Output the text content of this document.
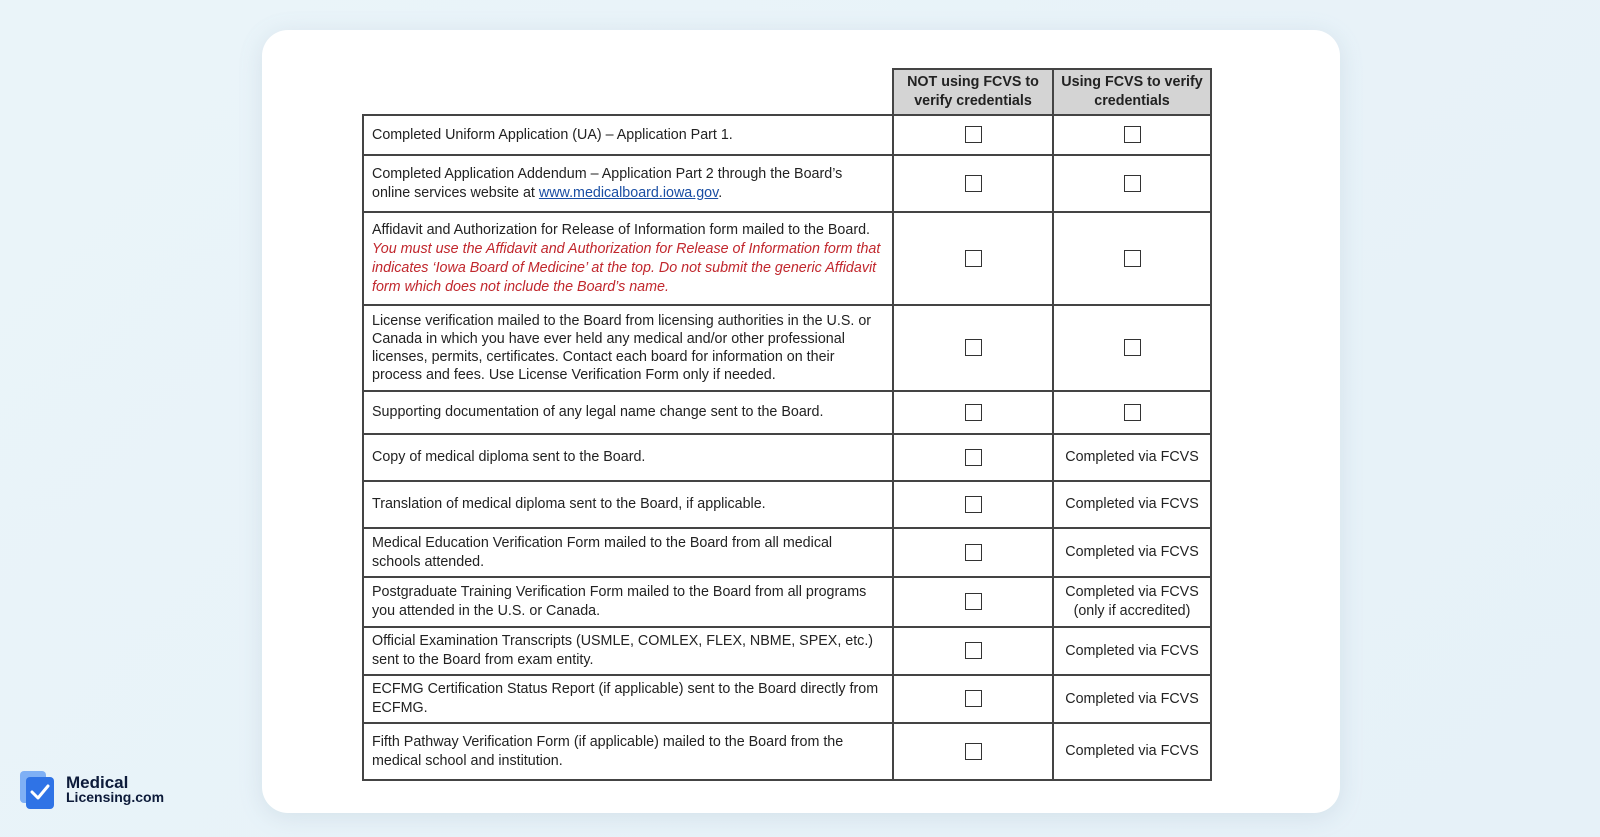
	NOT using FCVS to verify credentials	Using FCVS to verify credentials
Completed Uniform Application (UA) – Application Part 1.		
Completed Application Addendum – Application Part 2 through the Board’s online services website at www.medicalboard.iowa.gov.		
Affidavit and Authorization for Release of Information form mailed to the Board. You must use the Affidavit and Authorization for Release of Information form that indicates ‘Iowa Board of Medicine’ at the top. Do not submit the generic Affidavit form which does not include the Board’s name.		
License verification mailed to the Board from licensing authorities in the U.S. or Canada in which you have ever held any medical and/or other professional licenses, permits, certificates. Contact each board for information on their process and fees. Use License Verification Form only if needed.		
Supporting documentation of any legal name change sent to the Board.		
Copy of medical diploma sent to the Board.		Completed via FCVS
Translation of medical diploma sent to the Board, if applicable.		Completed via FCVS
Medical Education Verification Form mailed to the Board from all medical schools attended.		Completed via FCVS
Postgraduate Training Verification Form mailed to the Board from all programs you attended in the U.S. or Canada.		Completed via FCVS
(only if accredited)
Official Examination Transcripts (USMLE, COMLEX, FLEX, NBME, SPEX, etc.) sent to the Board from exam entity.		Completed via FCVS
ECFMG Certification Status Report (if applicable) sent to the Board directly from ECFMG.		Completed via FCVS
Fifth Pathway Verification Form (if applicable) mailed to the Board from the medical school and institution.		Completed via FCVS
Medical
Licensing.com
